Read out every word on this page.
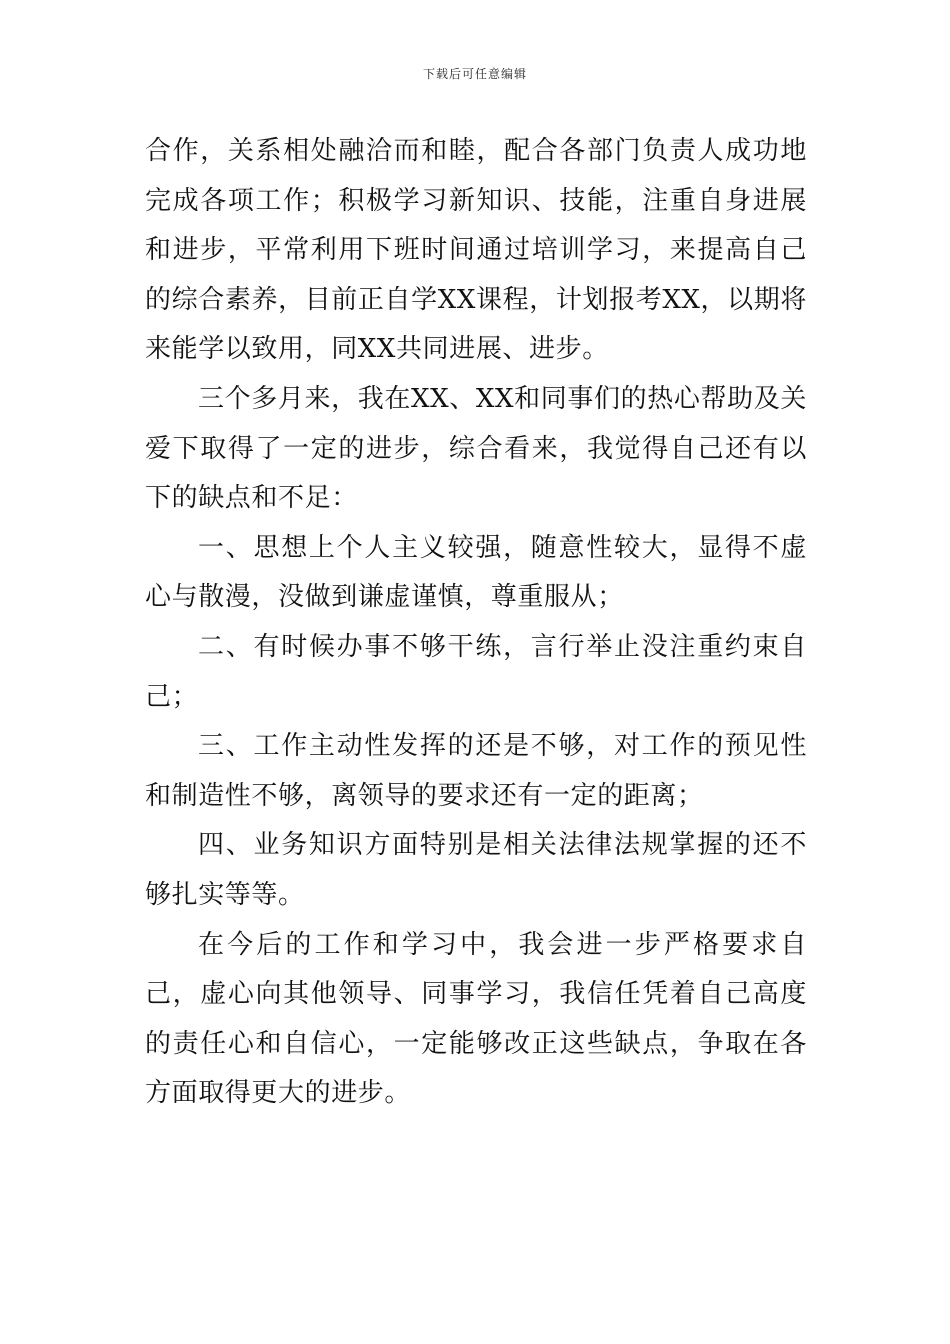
下载后可任意编辑

合作，关系相处融洽而和睦，配合各部门负责人成功地完成各项工作；积极学习新知识、技能，注重自身进展和进步，平常利用下班时间通过培训学习，来提高自己的综合素养，目前正自学XX课程，计划报考XX，以期将来能学以致用，同XX共同进展、进步。

三个多月来，我在XX、XX和同事们的热心帮助及关爱下取得了一定的进步，综合看来，我觉得自己还有以下的缺点和不足：

一、思想上个人主义较强，随意性较大，显得不虚心与散漫，没做到谦虚谨慎，尊重服从；

二、有时候办事不够干练，言行举止没注重约束自己；

三、工作主动性发挥的还是不够，对工作的预见性和制造性不够，离领导的要求还有一定的距离；

四、业务知识方面特别是相关法律法规掌握的还不够扎实等等。

在今后的工作和学习中，我会进一步严格要求自己，虚心向其他领导、同事学习，我信任凭着自己高度的责任心和自信心，一定能够改正这些缺点，争取在各方面取得更大的进步。
